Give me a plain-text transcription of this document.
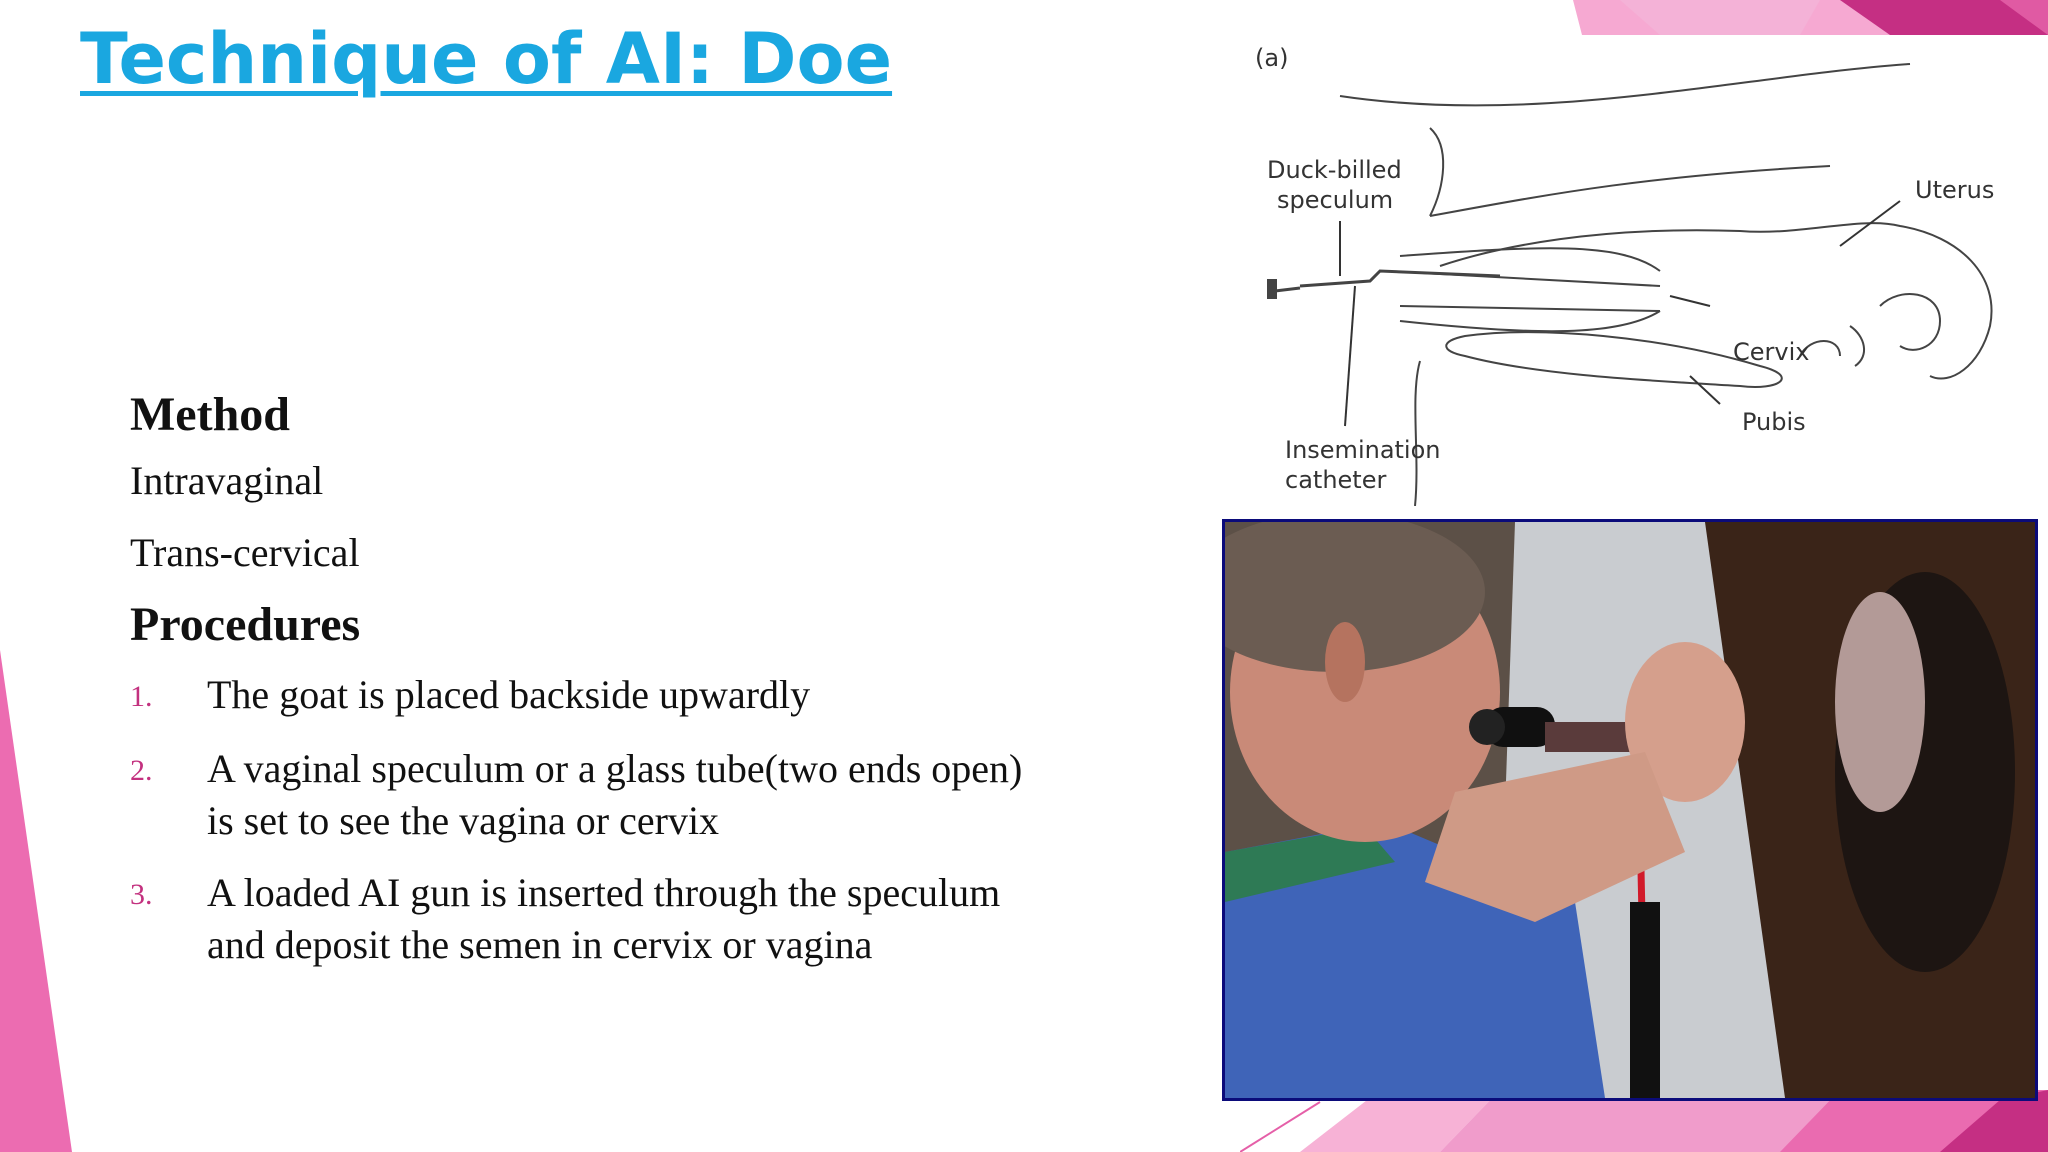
Technique of AI: Doe

Method

Intravaginal

Trans-cervical

Procedures

1.	The goat is placed backside upwardly
2.	A vaginal speculum or a glass tube(two ends open)
is set to see the vagina or cervix
3.	A loaded AI gun is inserted through the speculum
and deposit the semen in cervix or vagina
(a)
Duck-billed
speculum	Uterus
Cervix
Pubis
Insemination
catheter
